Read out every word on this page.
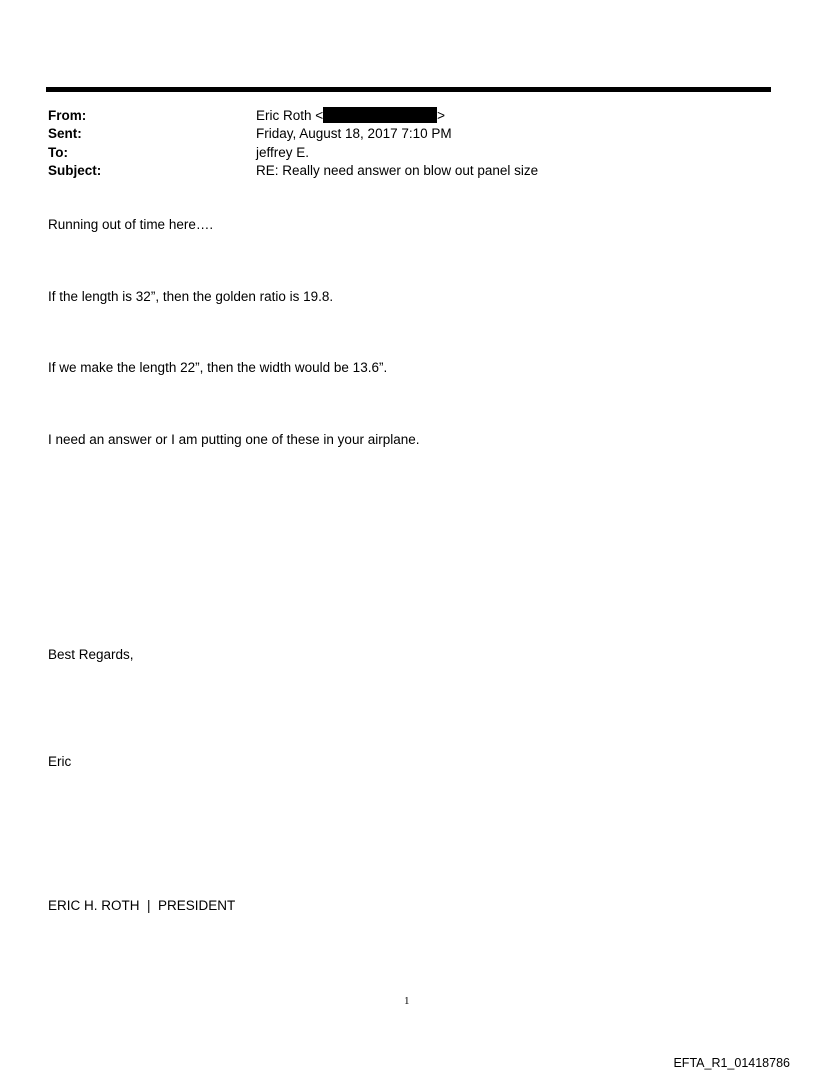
From:	Eric Roth <	>
Sent:	Friday, August 18, 2017 7:10 PM
To:	jeffrey E.
Subject:	RE: Really need answer on blow out panel size
Running out of time here….
If the length is 32”, then the golden ratio is 19.8.
If we make the length 22”, then the width would be 13.6”.
I need an answer or I am putting one of these in your airplane.
Best Regards,
Eric
ERIC H. ROTH  |  PRESIDENT
1
EFTA_R1_01418786
